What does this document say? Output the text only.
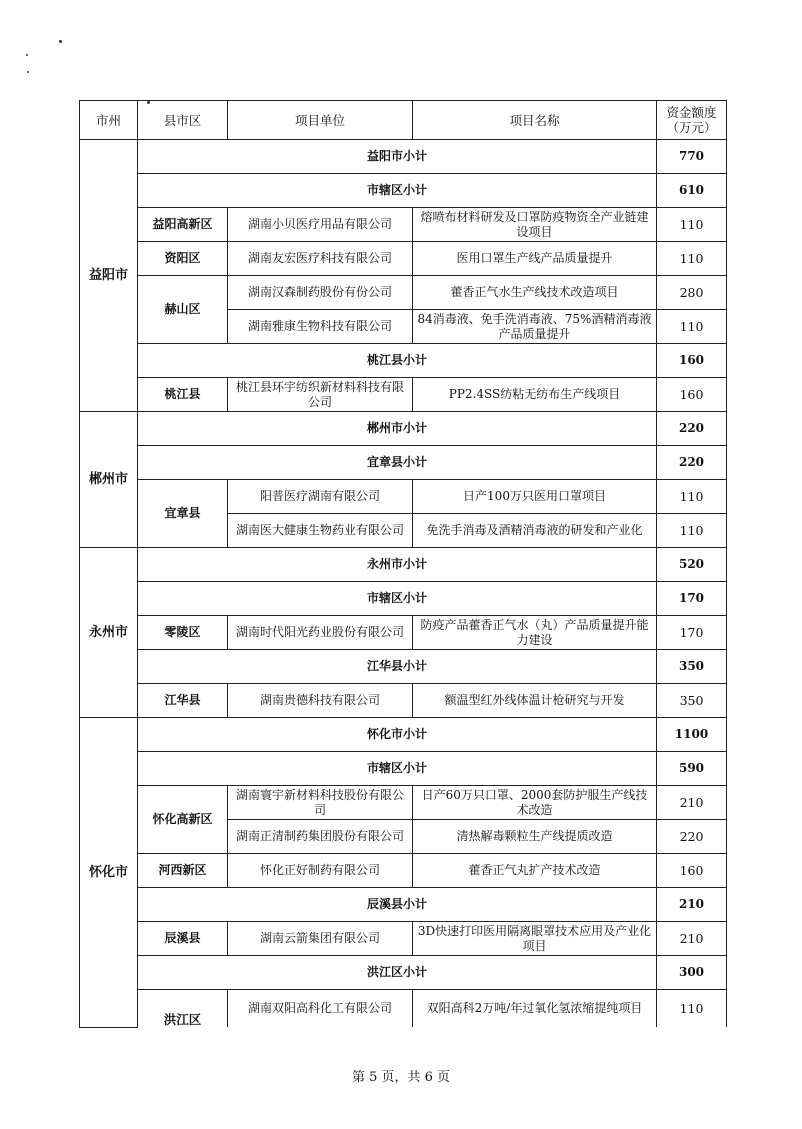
市州	县市区	项目单位	项目名称	资金额度
（万元）
益阳市	益阳市小计			770
	市辖区小计			610
	益阳高新区	湖南小贝医疗用品有限公司	熔喷布材料研发及口罩防疫物资全产业链建设项目	110
	资阳区	湖南友宏医疗科技有限公司	医用口罩生产线产品质量提升	110
	赫山区	湖南汉森制药股份有份公司	藿香正气水生产线技术改造项目	280
		湖南雅康生物科技有限公司	84消毒液、免手洗消毒液、75%酒精消毒液产品质量提升	110
	桃江县小计			160
	桃江县	桃江县环宇纺织新材料科技有限公司	PP2.4SS纺粘无纺布生产线项目	160
郴州市	郴州市小计			220
	宜章县小计			220
	宜章县	阳普医疗湖南有限公司	日产100万只医用口罩项目	110
		湖南医大健康生物药业有限公司	免洗手消毒及酒精消毒液的研发和产业化	110
永州市	永州市小计			520
	市辖区小计			170
	零陵区	湖南时代阳光药业股份有限公司	防疫产品藿香正气水（丸）产品质量提升能力建设	170
	江华县小计			350
	江华县	湖南贵德科技有限公司	额温型红外线体温计枪研究与开发	350
怀化市	怀化市小计			1100
	市辖区小计			590
	怀化高新区	湖南寰宇新材料科技股份有限公司	日产60万只口罩、2000套防护服生产线技术改造	210
		湖南正清制药集团股份有限公司	清热解毒颗粒生产线提质改造	220
	河西新区	怀化正好制药有限公司	藿香正气丸扩产技术改造	160
	辰溪县小计			210
	辰溪县	湖南云箭集团有限公司	3D快速打印医用隔离眼罩技术应用及产业化项目	210
	洪江区小计			300

	洪江区	湖南双阳高科化工有限公司	双阳高科2万吨/年过氧化氢浓缩提纯项目	110
第 5 页，共 6 页
